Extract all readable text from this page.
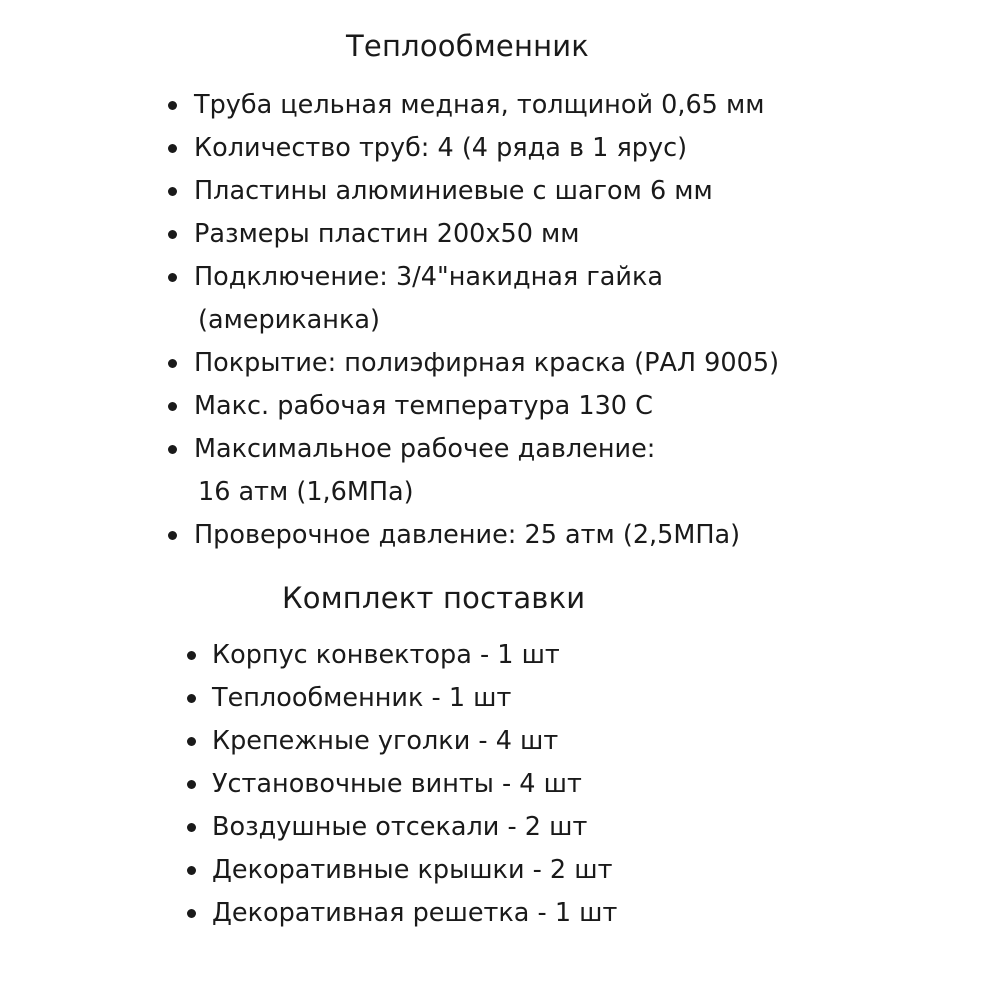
Теплообменник
Труба цельная медная, толщиной 0,65 мм
Количество труб: 4 (4 ряда в 1 ярус)
Пластины алюминиевые с шагом 6 мм
Размеры пластин 200х50 мм
Подключение: 3/4"накидная гайка
(американка)
Покрытие: полиэфирная краска (РАЛ 9005)
Макс. рабочая температура 130 С
Максимальное рабочее давление:
16 атм (1,6МПа)
Проверочное давление: 25 атм (2,5МПа)
Комплект поставки
Корпус конвектора - 1 шт
Теплообменник - 1 шт
Крепежные уголки - 4 шт
Установочные винты - 4 шт
Воздушные отсекали - 2 шт
Декоративные крышки - 2 шт
Декоративная решетка - 1 шт
